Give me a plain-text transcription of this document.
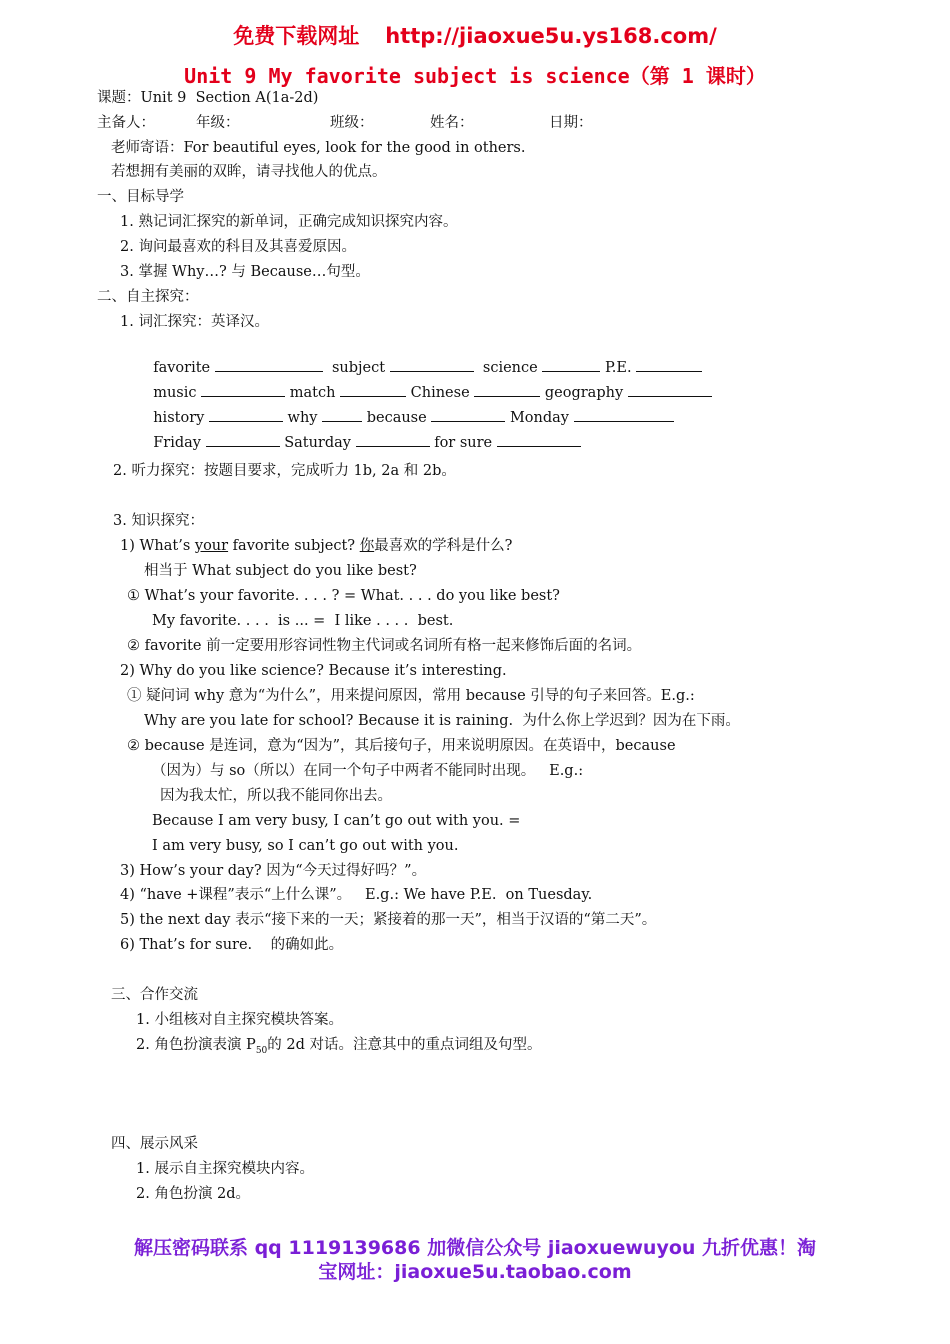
免费下载网址 http://jiaoxue5u.ys168.com/
Unit 9 My favorite subject is science（第 1 课时）
课题：Unit 9  Section A(1a-2d)
主备人：	年级：	班级：	姓名：	日期：
老师寄语：For beautiful eyes, look for the good in others.
若想拥有美丽的双眸，请寻找他人的优点。
一、目标导学
1. 熟记词汇探究的新单词，正确完成知识探究内容。
2. 询问最喜欢的科目及其喜爱原因。
3. 掌握 Why…? 与 Because…句型。
二、自主探究：
1. 词汇探究：英译汉。

favorite	subject	science	P.E.

music	match	Chinese	geography

history	why	because	Monday

Friday	Saturday	for sure

2. 听力探究：按题目要求，完成听力 1b, 2a 和 2b。
3. 知识探究：
1) What’s your favorite subject? 你最喜欢的学科是什么?
相当于 What subject do you like best?
① What’s your favorite. . . . ? = What. . . . do you like best?
My favorite. . . .  is ... =  I like . . . .  best.
② favorite 前一定要用形容词性物主代词或名词所有格一起来修饰后面的名词。
2) Why do you like science? Because it’s interesting.
① 疑问词 why 意为“为什么”，用来提问原因，常用 because 引导的句子来回答。E.g.:
Why are you late for school? Because it is raining.  为什么你上学迟到？因为在下雨。
② because 是连词，意为“因为”，其后接句子，用来说明原因。在英语中，because
（因为）与 so（所以）在同一个句子中两者不能同时出现。   E.g.:
因为我太忙，所以我不能同你出去。
Because I am very busy, I can’t go out with you. =
I am very busy, so I can’t go out with you.
3) How’s your day? 因为“今天过得好吗？”。
4) “have +课程”表示“上什么课”。   E.g.: We have P.E.  on Tuesday.
5) the next day 表示“接下来的一天；紧接着的那一天”，相当于汉语的“第二天”。
6) That’s for sure.    的确如此。
三、合作交流
1. 小组核对自主探究模块答案。
2. 角色扮演表演 $P_{50}$的 2d 对话。注意其中的重点词组及句型。
四、展示风采
1. 展示自主探究模块内容。
2. 角色扮演 2d。
解压密码联系 qq 1119139686 加微信公众号 jiaoxuewuyou 九折优惠！淘
宝网址：jiaoxue5u.taobao.com
